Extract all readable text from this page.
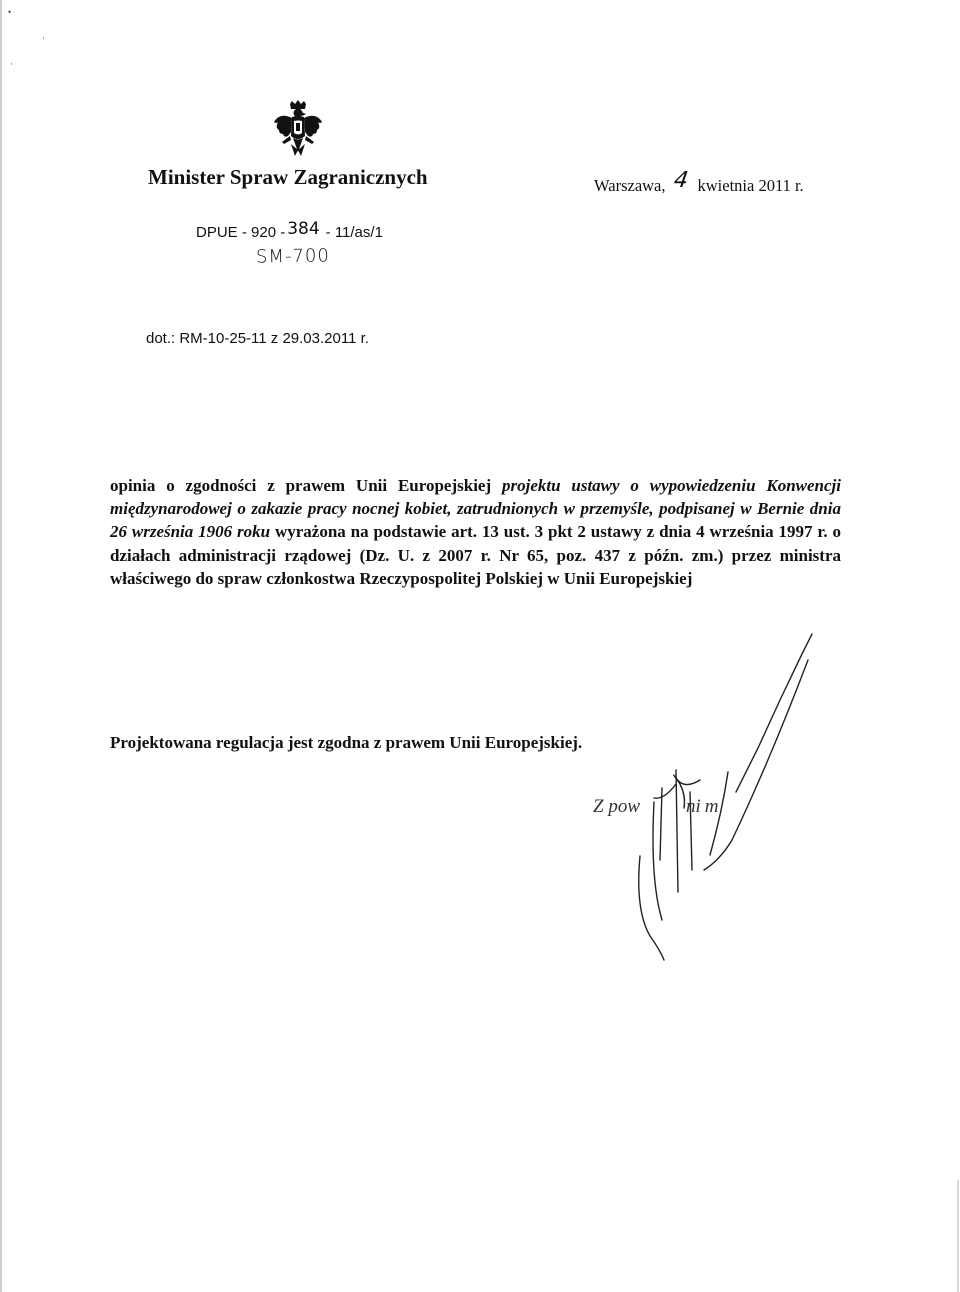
•
·
·
Minister Spraw Zagranicznych	Warszawa, 4 kwietnia 2011 r.
DPUE - 920 - 384 - 11/as/1
SM-700
dot.: RM-10-25-11 z 29.03.2011 r.
opinia o zgodności z prawem Unii Europejskiej projektu ustawy o wypowiedzeniu Konwencji międzynarodowej o zakazie pracy nocnej kobiet, zatrudnionych w przemyśle, podpisanej w Bernie dnia 26 września 1906 roku wyrażona na podstawie art. 13 ust. 3 pkt 2 ustawy z dnia 4 września 1997 r. o działach administracji rządowej (Dz. U. z 2007 r. Nr 65, poz. 437 z późn. zm.) przez ministra właściwego do spraw członkostwa Rzeczypospolitej Polskiej w Unii Europejskiej
Projektowana regulacja jest zgodna z prawem Unii Europejskiej.
Z pow ni m
